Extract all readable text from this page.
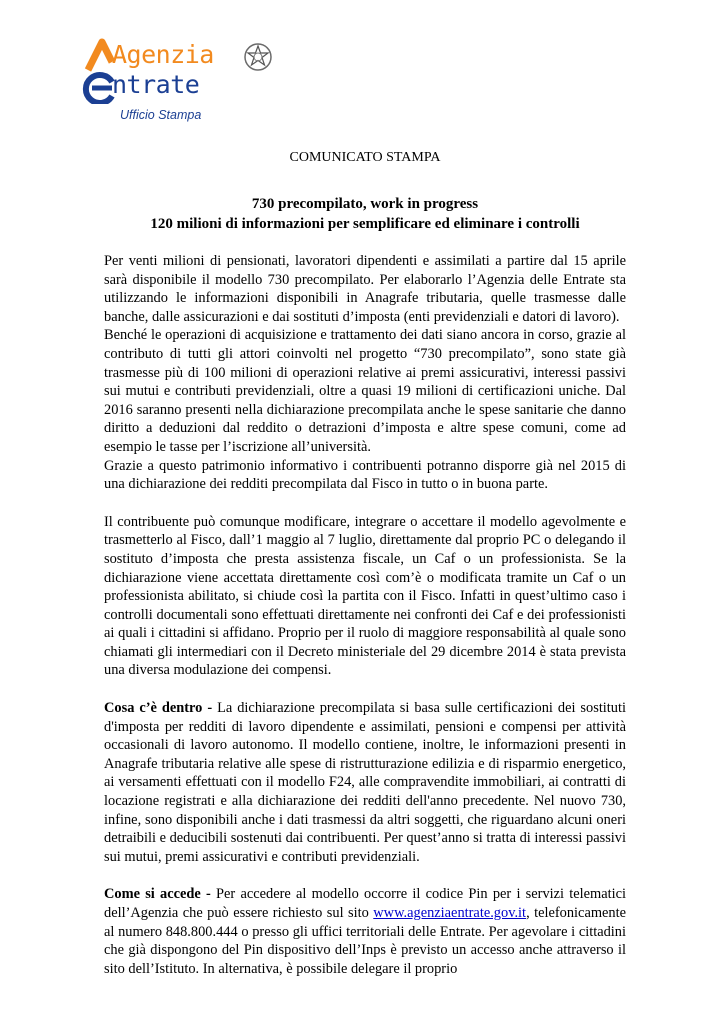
Agenzia
ntrate
Ufficio Stampa
COMUNICATO STAMPA
730 precompilato, work in progress
120 milioni di informazioni per semplificare ed eliminare i controlli

Per venti milioni di pensionati, lavoratori dipendenti e assimilati a partire dal 15 aprile sarà disponibile il modello 730 precompilato. Per elaborarlo l’Agenzia delle Entrate sta utilizzando le informazioni disponibili in Anagrafe tributaria, quelle trasmesse dalle banche, dalle assicurazioni e dai sostituti d’imposta (enti previdenziali e datori di lavoro).

Benché le operazioni di acquisizione e trattamento dei dati siano ancora in corso, grazie al contributo di tutti gli attori coinvolti nel progetto “730 precompilato”, sono state già trasmesse più di 100 milioni di operazioni relative ai premi assicurativi, interessi passivi sui mutui e contributi previdenziali, oltre a quasi 19 milioni di certificazioni uniche. Dal 2016 saranno presenti nella dichiarazione precompilata anche le spese sanitarie che danno diritto a deduzioni dal reddito o detrazioni d’imposta e altre spese comuni, come ad esempio le tasse per l’iscrizione all’università.

Grazie a questo patrimonio informativo i contribuenti potranno disporre già nel 2015 di una dichiarazione dei redditi precompilata dal Fisco in tutto o in buona parte.

Il contribuente può comunque modificare, integrare o accettare il modello agevolmente e trasmetterlo al Fisco, dall’1 maggio al 7 luglio, direttamente dal proprio PC o delegando il sostituto d’imposta che presta assistenza fiscale, un Caf o un professionista. Se la dichiarazione viene accettata direttamente così com’è o modificata tramite un Caf o un professionista abilitato, si chiude così la partita con il Fisco. Infatti in quest’ultimo caso i controlli documentali sono effettuati direttamente nei confronti dei Caf e dei professionisti ai quali i cittadini si affidano. Proprio per il ruolo di maggiore responsabilità al quale sono chiamati gli intermediari con il Decreto ministeriale del 29 dicembre 2014 è stata prevista una diversa modulazione dei compensi.

Cosa c’è dentro - La dichiarazione precompilata si basa sulle certificazioni dei sostituti d'imposta per redditi di lavoro dipendente e assimilati, pensioni e compensi per attività occasionali di lavoro autonomo. Il modello contiene, inoltre, le informazioni presenti in Anagrafe tributaria relative alle spese di ristrutturazione edilizia e di risparmio energetico, ai versamenti effettuati con il modello F24, alle compravendite immobiliari, ai contratti di locazione registrati e alla dichiarazione dei redditi dell'anno precedente. Nel nuovo 730, infine, sono disponibili anche i dati trasmessi da altri soggetti, che riguardano alcuni oneri detraibili e deducibili sostenuti dai contribuenti. Per quest’anno si tratta di interessi passivi sui mutui, premi assicurativi e contributi previdenziali.

Come si accede - Per accedere al modello occorre il codice Pin per i servizi telematici dell’Agenzia che può essere richiesto sul sito www.agenziaentrate.gov.it, telefonicamente al numero 848.800.444 o presso gli uffici territoriali delle Entrate. Per agevolare i cittadini che già dispongono del Pin dispositivo dell’Inps è previsto un accesso anche attraverso il sito dell’Istituto. In alternativa, è possibile delegare il proprio
